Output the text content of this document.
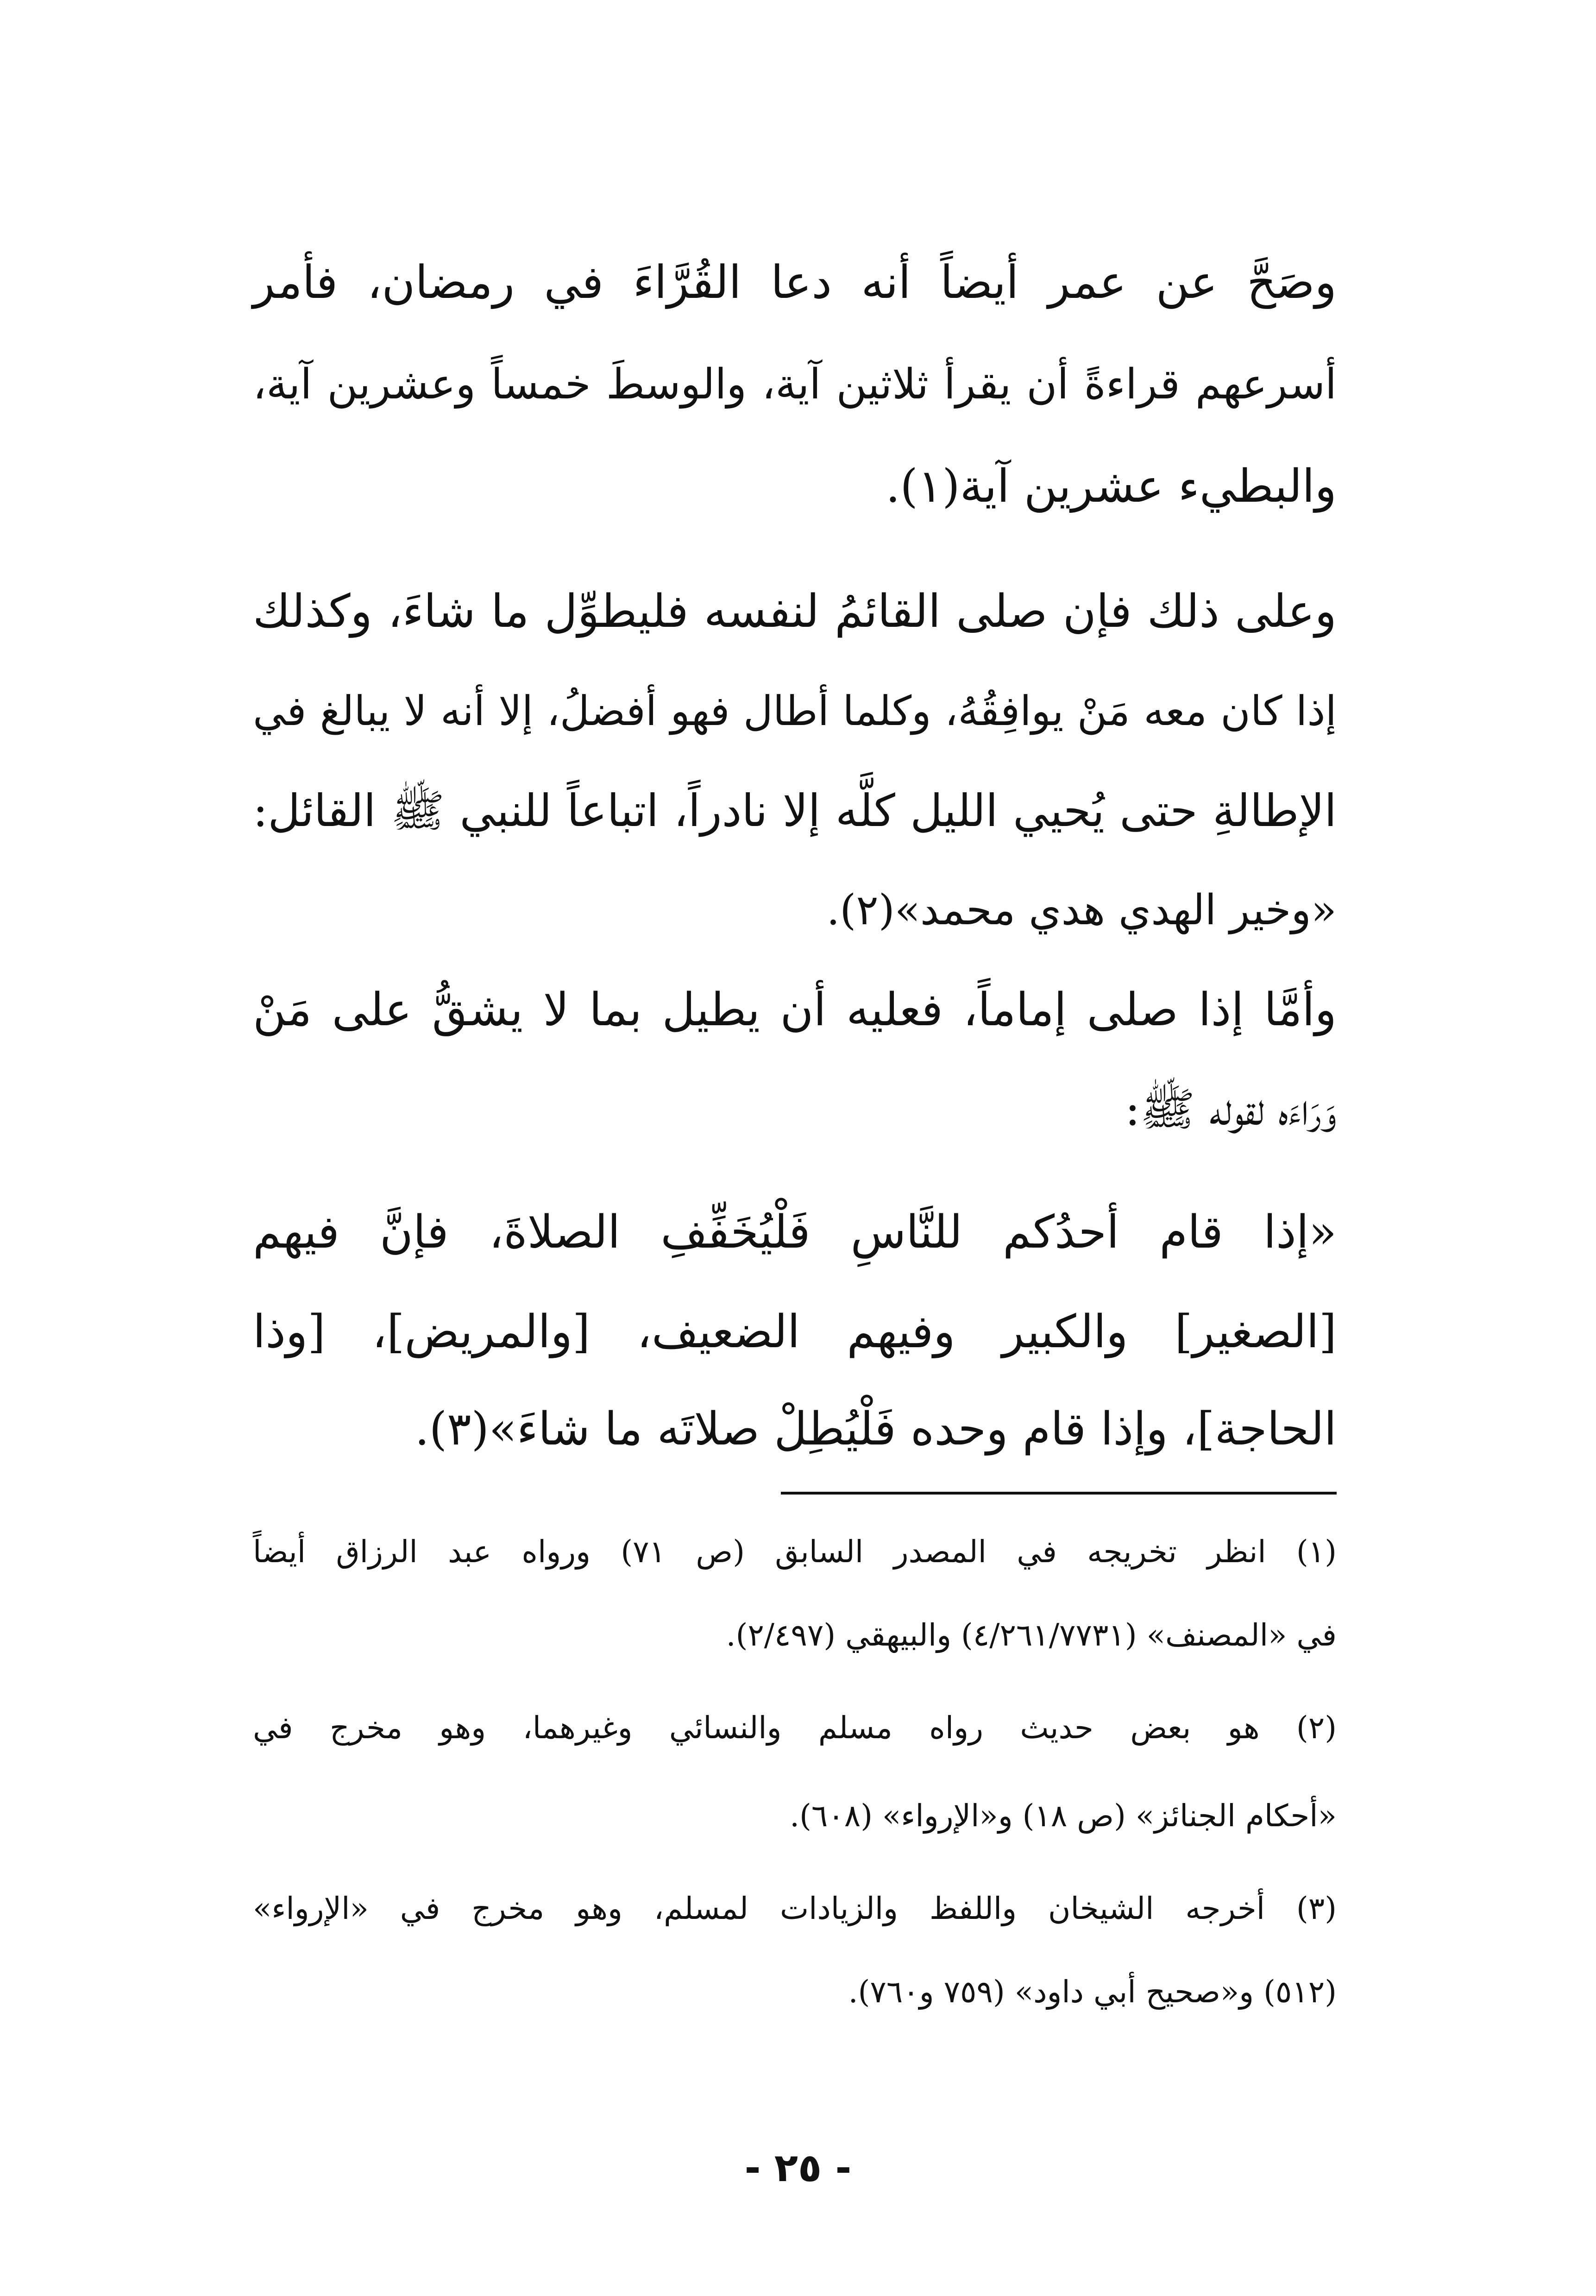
وصَحَّ عن عمر أيضاً أنه دعا القُرَّاءَ في رمضان، فأمر
أسرعهم قراءةً أن يقرأ ثلاثين آية، والوسطَ خمساً وعشرين آية،
والبطيء عشرين آية(١).
وعلى ذلك فإن صلى القائمُ لنفسه فليطوِّل ما شاءَ، وكذلك
إذا كان معه مَنْ يوافِقُهُ، وكلما أطال فهو أفضلُ، إلا أنه لا يبالغ في
الإطالةِ حتى يُحيي الليل كلَّه إلا نادراً، اتباعاً للنبي ﷺ القائل:
«وخير الهدي هدي محمد»(٢).
وأمَّا إذا صلى إماماً، فعليه أن يطيل بما لا يشقُّ على مَنْ
وَرَاءَه لقوله ﷺ:
«إذا قام أحدُكم للنَّاسِ فَلْيُخَفِّفِ الصلاةَ، فإنَّ فيهم
[الصغير] والكبير وفيهم الضعيف، [والمريض]، [وذا
الحاجة]، وإذا قام وحده فَلْيُطِلْ صلاتَه ما شاءَ»(٣).
(١) انظر تخريجه في المصدر السابق (ص ٧١) ورواه عبد الرزاق أيضاً
في «المصنف» (٤/٢٦١/٧٧٣١) والبيهقي (٢/٤٩٧).
(٢) هو بعض حديث رواه مسلم والنسائي وغيرهما، وهو مخرج في
«أحكام الجنائز» (ص ١٨) و«الإرواء» (٦٠٨).
(٣) أخرجه الشيخان واللفظ والزيادات لمسلم، وهو مخرج في «الإرواء»
(٥١٢) و«صحيح أبي داود» (٧٥٩ و٧٦٠).
- ٢٥ -
